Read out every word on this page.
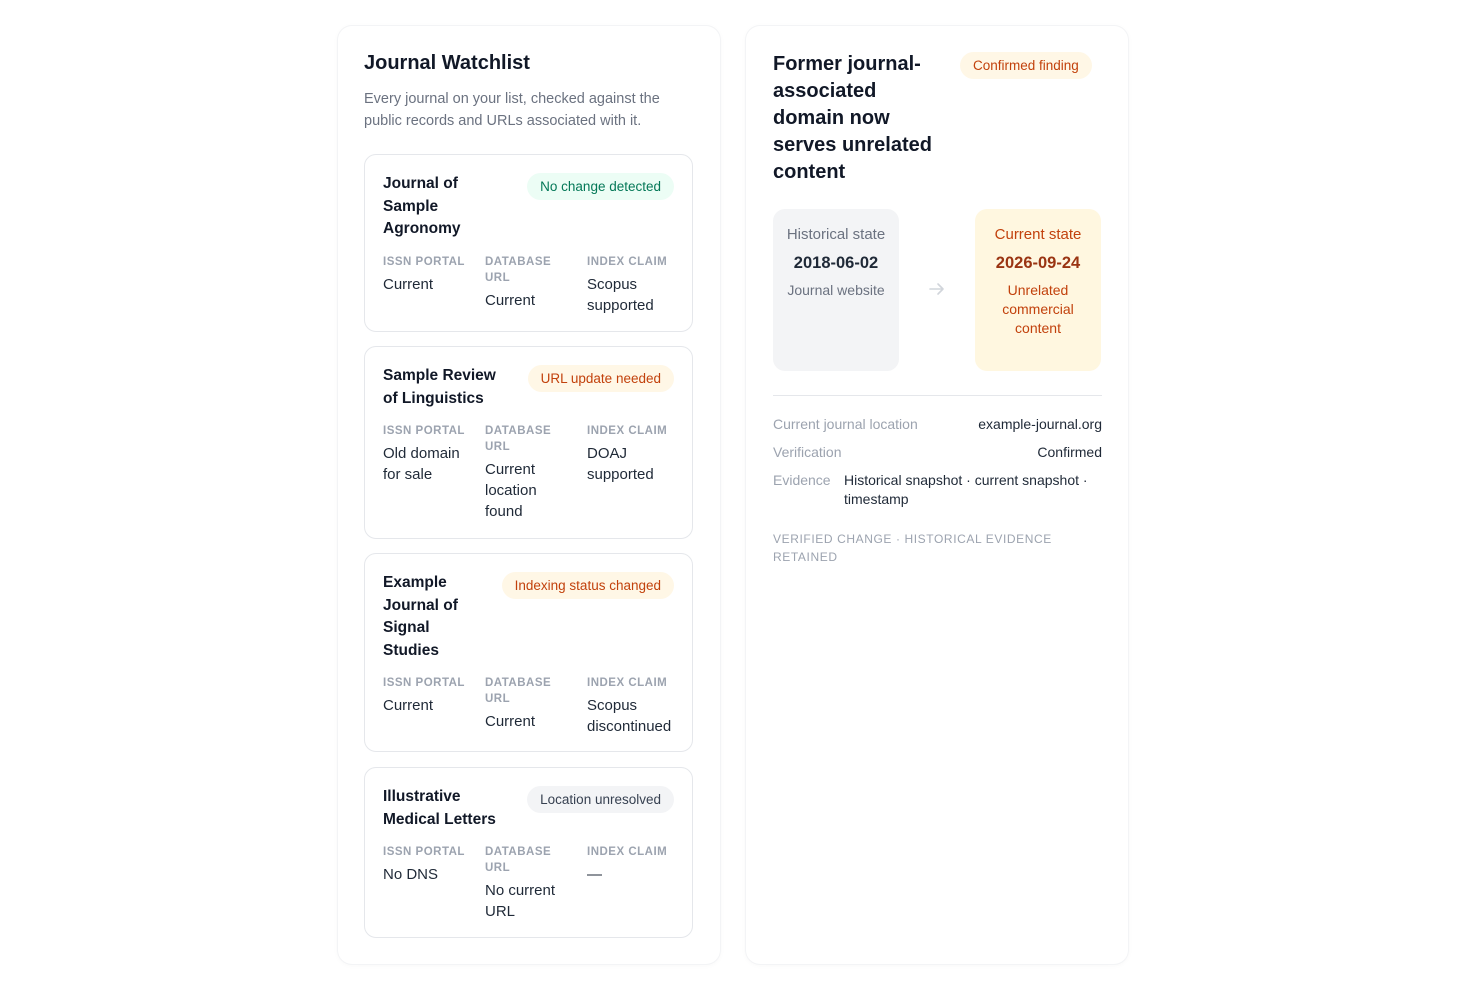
Journal Watchlist
Every journal on your list, checked against the public records and URLs associated with it.
Journal of Sample Agronomy
No change detected
ISSN PORTAL
Current
DATABASE URL
Current
INDEX CLAIM
Scopus supported
Sample Review of Linguistics
URL update needed
ISSN PORTAL
Old domain for sale
DATABASE URL
Current location found
INDEX CLAIM
DOAJ supported
Example Journal of Signal Studies
Indexing status changed
ISSN PORTAL
Current
DATABASE URL
Current
INDEX CLAIM
Scopus discontinued
Illustrative Medical Letters
Location unresolved
ISSN PORTAL
No DNS
DATABASE URL
No current URL
INDEX CLAIM
—
Former journal-associated domain now serves unrelated content
Confirmed finding
Historical state
2018-06-02
Journal website
Current state
2026-09-24
Unrelated commercial content
Current journal location	example-journal.org
Verification	Confirmed
Evidence Historical snapshot · current snapshot · timestamp
VERIFIED CHANGE · HISTORICAL EVIDENCE RETAINED
